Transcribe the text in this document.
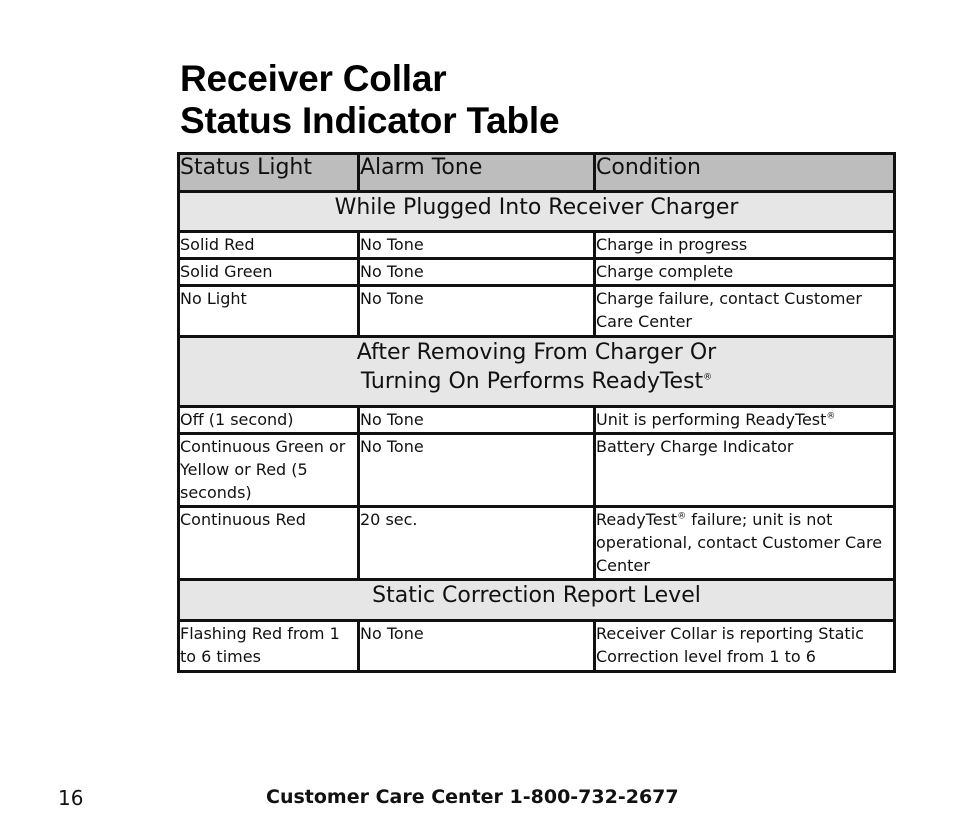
Receiver Collar
Status Indicator Table
Status Light	Alarm Tone	Condition
While Plugged Into Receiver Charger		
Solid Red	No Tone	Charge in progress
Solid Green	No Tone	Charge complete
No Light	No Tone	Charge failure, contact Customer Care Center

After Removing From Charger Or
Turning On Performs ReadyTest®

Off (1 second)	No Tone	Unit is performing ReadyTest®
Continuous Green or Yellow or Red (5 seconds)	No Tone	Battery Charge Indicator
Continuous Red	20 sec.	ReadyTest® failure; unit is not operational, contact Customer Care Center
Static Correction Report Level		
Flashing Red from 1 to 6 times	No Tone	Receiver Collar is reporting Static Correction level from 1 to 6
16	Customer Care Center 1-800-732-2677
